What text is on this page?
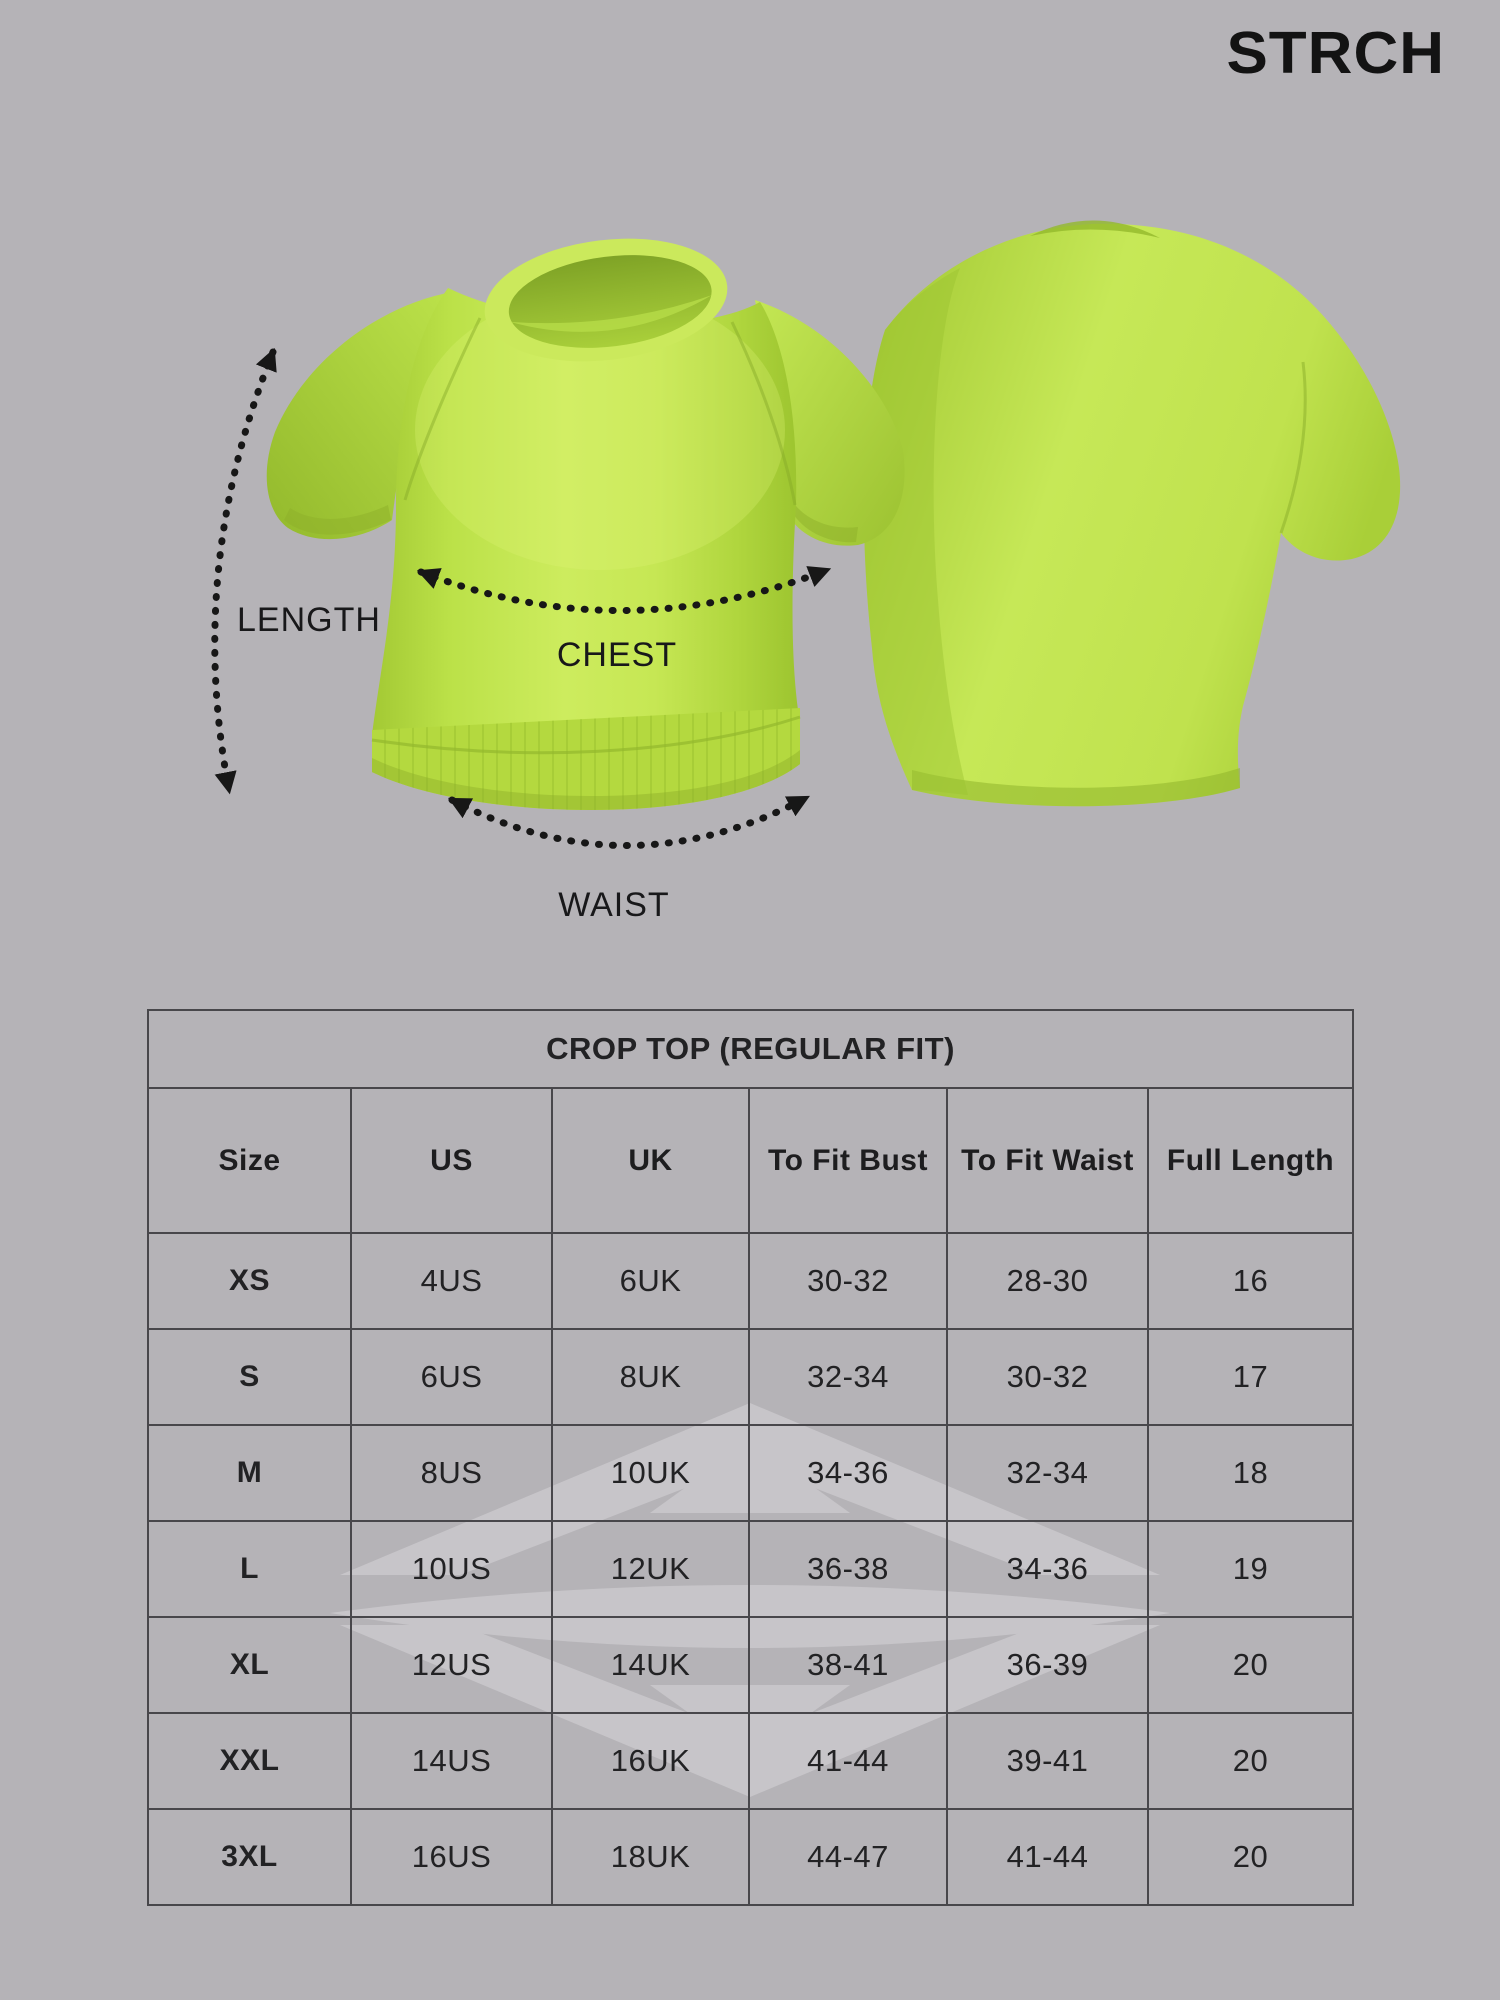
STRCH
LENGTH
CHEST
WAIST
CROP TOP (REGULAR FIT)					
Size	US	UK	To Fit Bust	To Fit Waist	Full Length
XS	4US	6UK	30-32	28-30	16
S	6US	8UK	32-34	30-32	17
M	8US	10UK	34-36	32-34	18
L	10US	12UK	36-38	34-36	19
XL	12US	14UK	38-41	36-39	20
XXL	14US	16UK	41-44	39-41	20
3XL	16US	18UK	44-47	41-44	20
